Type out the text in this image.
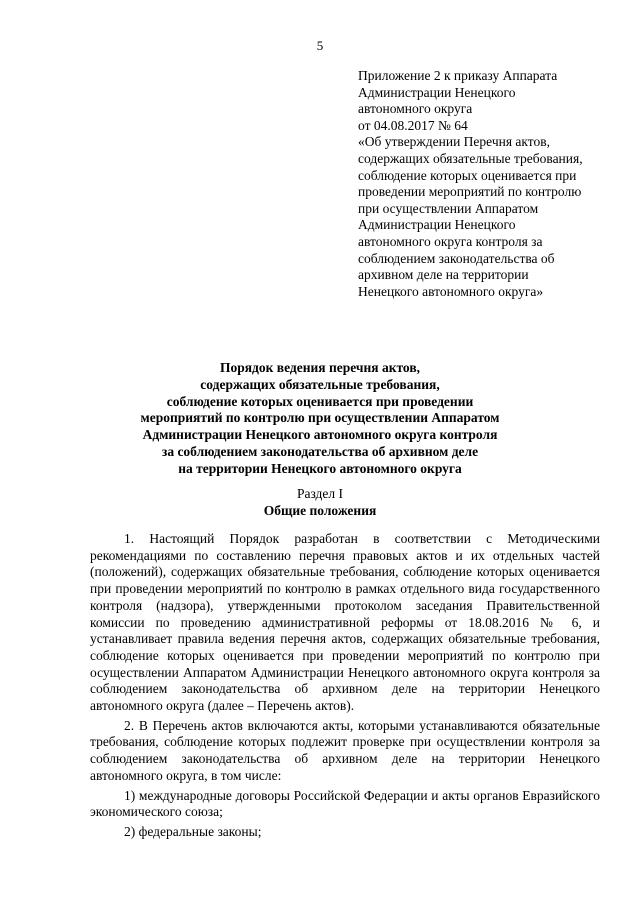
5
Приложение 2 к приказу Аппарата
Администрации Ненецкого
автономного округа
от 04.08.2017 № 64
«Об утверждении Перечня актов,
содержащих обязательные требования,
соблюдение которых оценивается при
проведении мероприятий по контролю
при осуществлении Аппаратом
Администрации Ненецкого
автономного округа контроля за
соблюдением законодательства об
архивном деле на территории
Ненецкого автономного округа»
Порядок ведения перечня актов,
содержащих обязательные требования,
соблюдение которых оценивается при проведении
мероприятий по контролю при осуществлении Аппаратом
Администрации Ненецкого автономного округа контроля
за соблюдением законодательства об архивном деле
на территории Ненецкого автономного округа
Раздел I
Общие положения

1. Настоящий Порядок разработан в соответствии с Методическими рекомендациями по составлению перечня правовых актов и их отдельных частей (положений), содержащих обязательные требования, соблюдение которых оценивается при проведении мероприятий по контролю в рамках отдельного вида государственного контроля (надзора), утвержденными протоколом заседания Правительственной комиссии по проведению административной реформы от 18.08.2016 № 6, и устанавливает правила ведения перечня актов, содержащих обязательные требования, соблюдение которых оценивается при проведении мероприятий по контролю при осуществлении Аппаратом Администрации Ненецкого автономного округа контроля за соблюдением законодательства об архивном деле на территории Ненецкого автономного округа (далее – Перечень актов).

2. В Перечень актов включаются акты, которыми устанавливаются обязательные требования, соблюдение которых подлежит проверке при осуществлении контроля за соблюдением законодательства об архивном деле на территории Ненецкого автономного округа, в том числе:

1) международные договоры Российской Федерации и акты органов Евразийского экономического союза;

2) федеральные законы;
